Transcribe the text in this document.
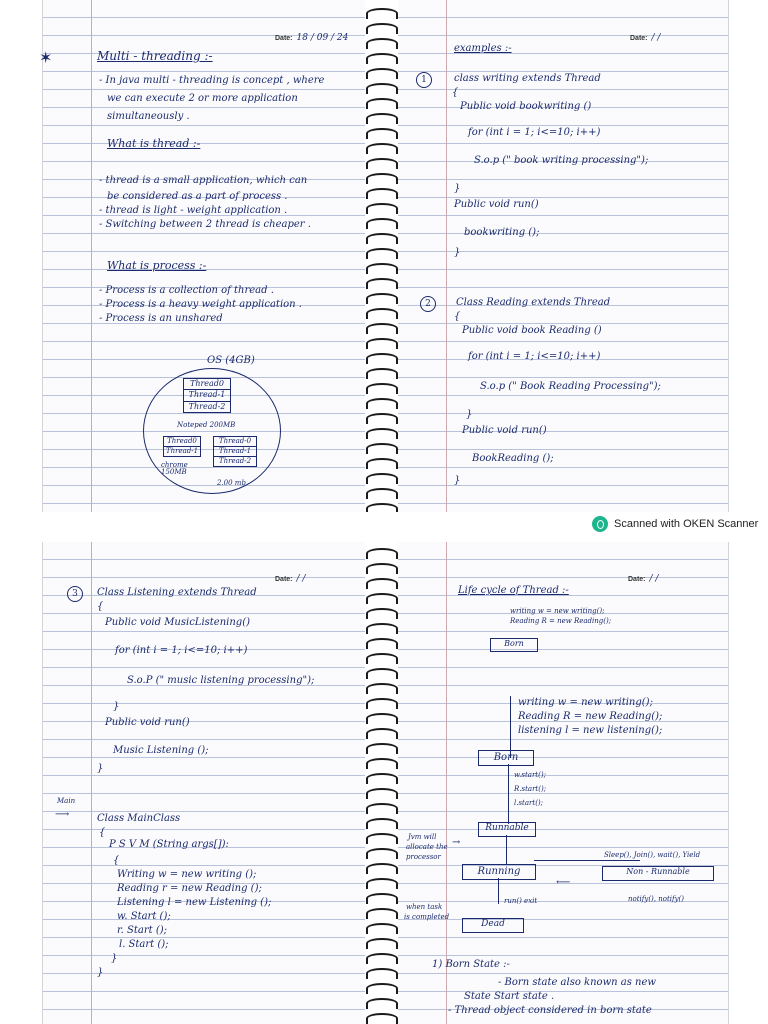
Date: 18 / 09 / 24
✶	Multi - threading :-
- In java multi - threading is concept , where
we can execute 2 or more application
simultaneously .
What is thread :-
- thread is a small application, which can
be considered as a part of process .
- thread is light - weight application .
- Switching between 2 thread is cheaper .
What is process :-
- Process is a collection of thread .
- Process is a heavy weight application .
- Process is an unshared
OS (4GB)
Thread0
Thread-1
Thread-2
Noteped 200MB
Thread0
Thread-1
chrome 150MB
Thread-0
Thread-1
Thread-2
2.00 mb
Date: / /
examples :-
1	class writing extends Thread
{
Public void bookwriting ()
for (int i = 1; i<=10; i++)
S.o.p (" book writing processing");
}
Public void run()
bookwriting ();
}
2	Class Reading extends Thread
{
Public void book Reading ()
for (int i = 1; i<=10; i++)
S.o.p (" Book Reading Processing");
}
Public void run()
BookReading ();
}
Scanned with OKEN Scanner
Date: / /
3	Class Listening extends Thread
{
Public void MusicListening()
for (int i = 1; i<=10; i++)
S.o.P (" music listening processing");
}
Public void run()
Music Listening ();
}
Main
⟶	Class MainClass
{
P S V M (String args[]):
{
Writing w = new writing ();
Reading r = new Reading ();
Listening l = new Listening ();
w. Start ();
r. Start ();
l. Start ();
}
}
Date: / /
Life cycle of Thread :-
writing w = new writing();
Reading R = new Reading();
Born
writing w = new writing();
Reading R = new Reading();
listening l = new listening();
Born
w.start();
R.start();
l.start();
Runnable
Jvm will
allocate the
processor
→
Running
Sleep(), Join(), wait(), Yield
Non - Runnable
⟵
notify(), notify()
run() exit
when task
is completed
Dead
1) Born State :-
- Born state also known as new
State Start state .
- Thread object considered in born state
